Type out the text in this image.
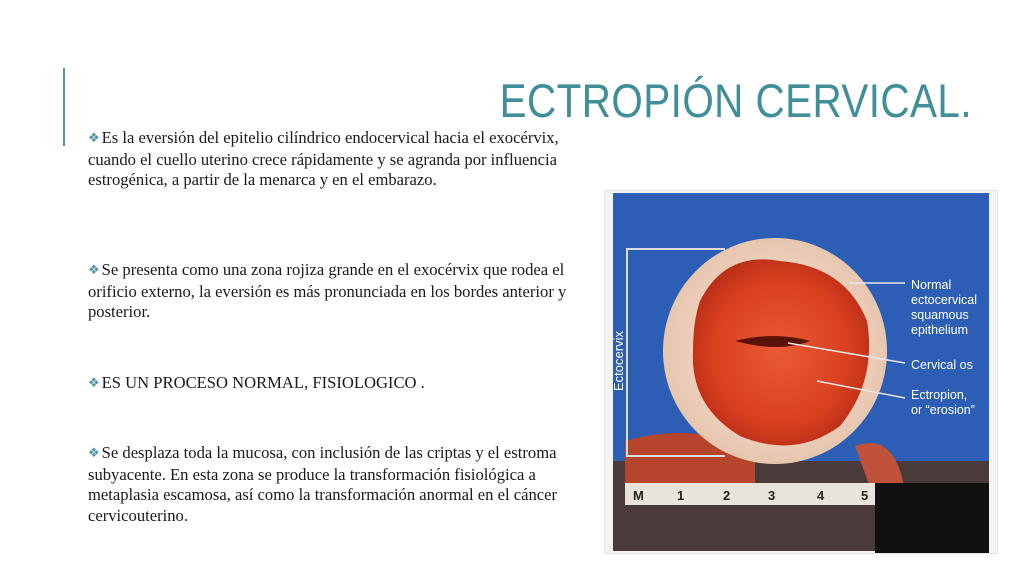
ECTROPIÓN CERVICAL.
❖ Es la eversión del epitelio cilíndrico endocervical hacia el exocérvix, cuando el cuello uterino crece rápidamente y se agranda por influencia estrogénica, a partir de la menarca y en el embarazo.
❖ Se presenta como una zona rojiza grande en el exocérvix que rodea el orificio externo, la eversión es más pronunciada en los bordes anterior y posterior.
❖ ES UN PROCESO NORMAL, FISIOLOGICO .
❖ Se desplaza toda la mucosa, con inclusión de las criptas y el estroma subyacente. En esta zona se produce la transformación fisiológica a metaplasia escamosa, así como la transformación anormal en el cáncer cervicouterino.
M	1	2	3	4	5
Ectocervix
Normal
ectocervical
squamous
epithelium
Cervical os
Ectropion,
or “erosion”
